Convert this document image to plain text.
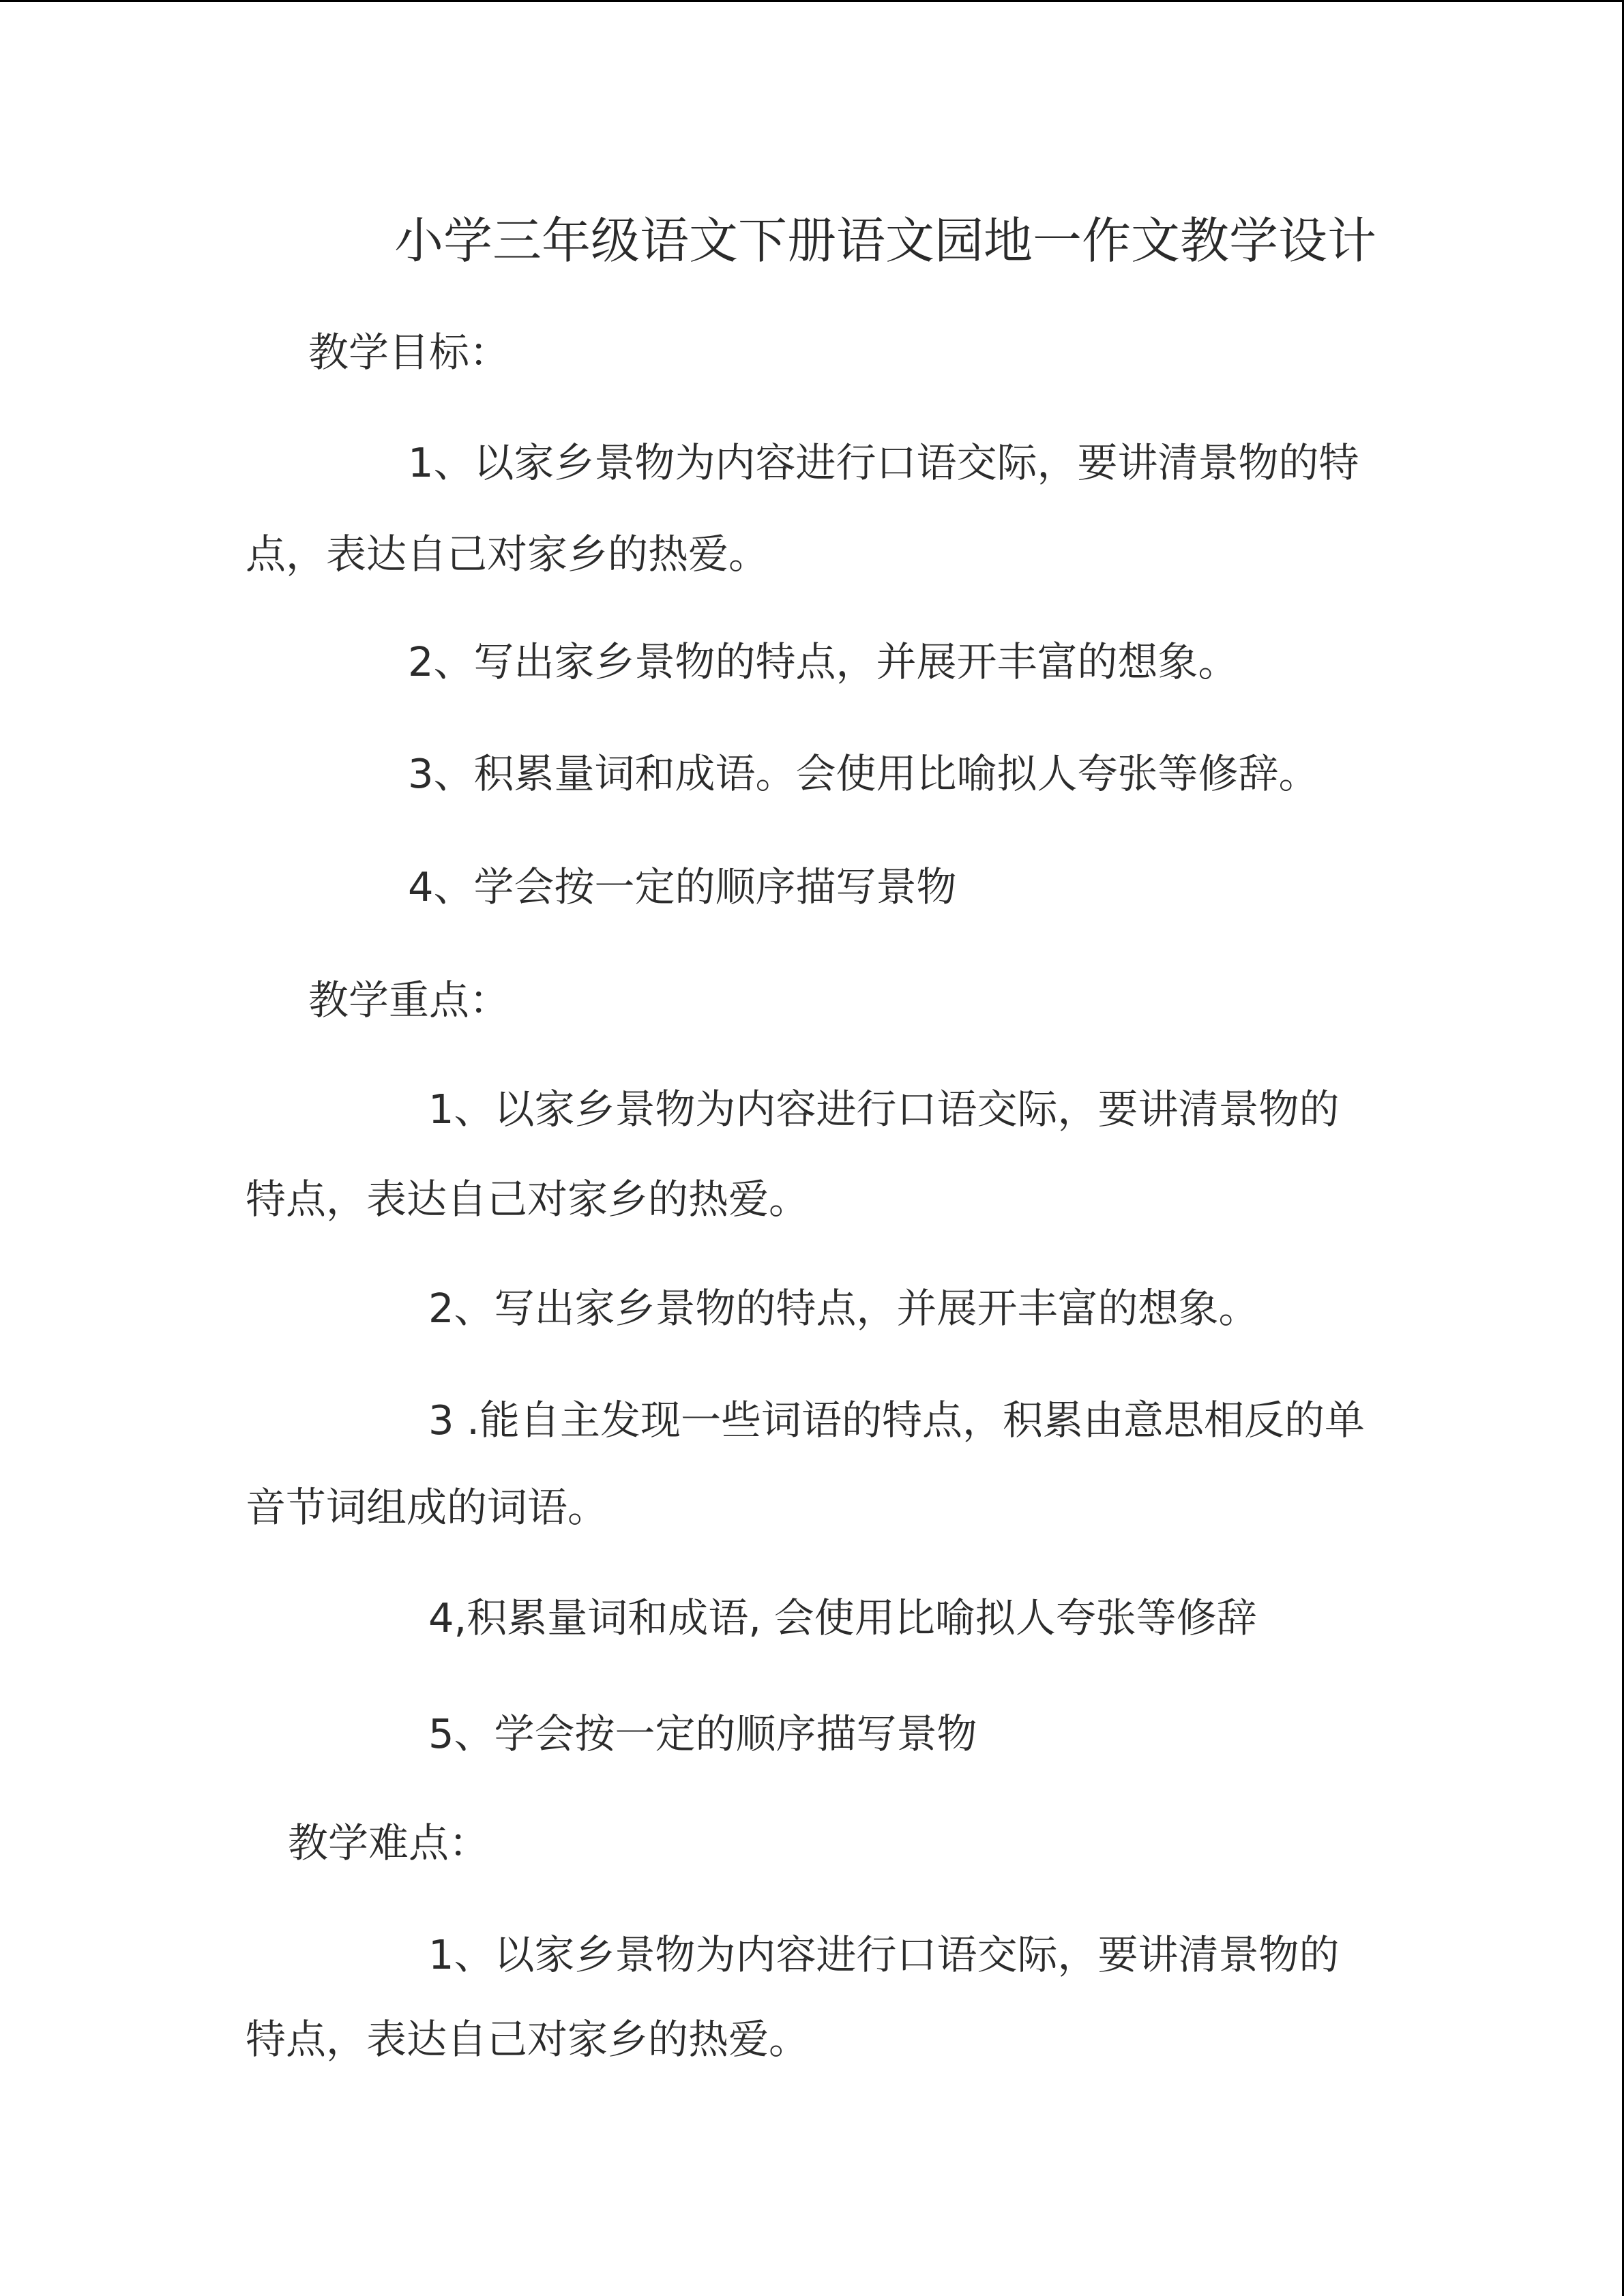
小学三年级语文下册语文园地一作文教学设计
教学目标：
1、以家乡景物为内容进行口语交际，要讲清景物的特
点，表达自己对家乡的热爱。
2、写出家乡景物的特点，并展开丰富的想象。
3、积累量词和成语。会使用比喻拟人夸张等修辞。
4、学会按一定的顺序描写景物
教学重点：
1、以家乡景物为内容进行口语交际，要讲清景物的
特点，表达自己对家乡的热爱。
2、写出家乡景物的特点，并展开丰富的想象。
3 .能自主发现一些词语的特点，积累由意思相反的单
音节词组成的词语。
4,积累量词和成语, 会使用比喻拟人夸张等修辞
5、学会按一定的顺序描写景物
教学难点：
1、以家乡景物为内容进行口语交际，要讲清景物的
特点，表达自己对家乡的热爱。
